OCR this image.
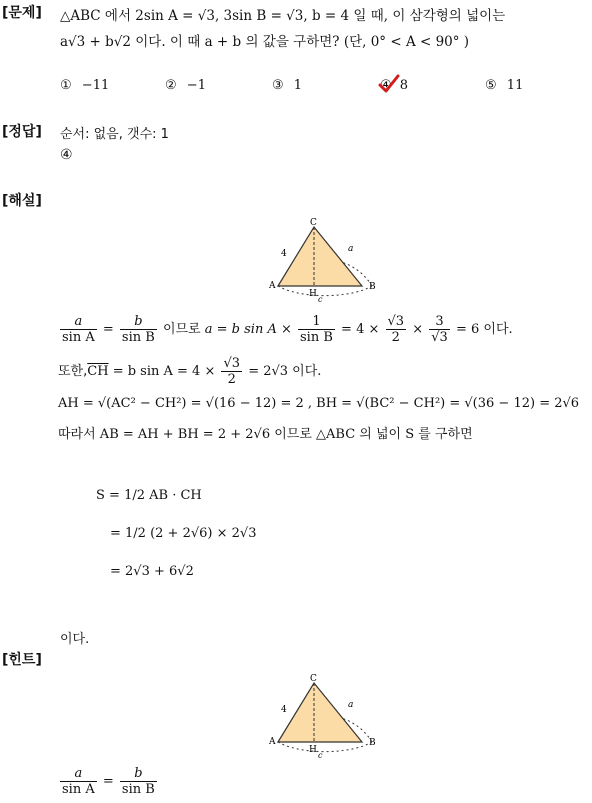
[문제] △ABC 에서 2sin A = √3, 3sin B = √3, b = 4 일 때, 이 삼각형의 넓이는
a√3 + b√2 이다. 이 때 a + b 의 값을 구하면? (단, 0° < A < 90° )
① −11	② −1	③ 1	④ 8	⑤ 11
[정답] 순서: 없음, 갯수: 1
④
[해설]
C
A	B
H
4	a
c
$\frac{a}{\text{sin A}} = \frac{b}{\text{sin B}}$ 이므로 a = b $\sin A \times \frac{1}{\text{sin B}} = 4 \times \frac{√3}{2} \times \frac{3}{√3} = 6$ 이다.
또한$,\overline{CH} = b$ $\sin A = 4 \times \frac{√3}{2} = 2√3$ 이다.
AH = √(AC² − CH²) = √(16 − 12) = 2 , BH = √(BC² − CH²) = √(36 − 12) = 2√6
따라서 AB = AH + BH = 2 + 2√6 이므로 △ABC 의 넓이 S 를 구하면
S = 1/2 AB · CH
= 1/2 (2 + 2√6) × 2√3
= 2√3 + 6√2
이다.
[힌트]
C
A	B
H
4	a
c
$\frac{a}{\text{sin A}} = \frac{b}{\text{sin B}}$
